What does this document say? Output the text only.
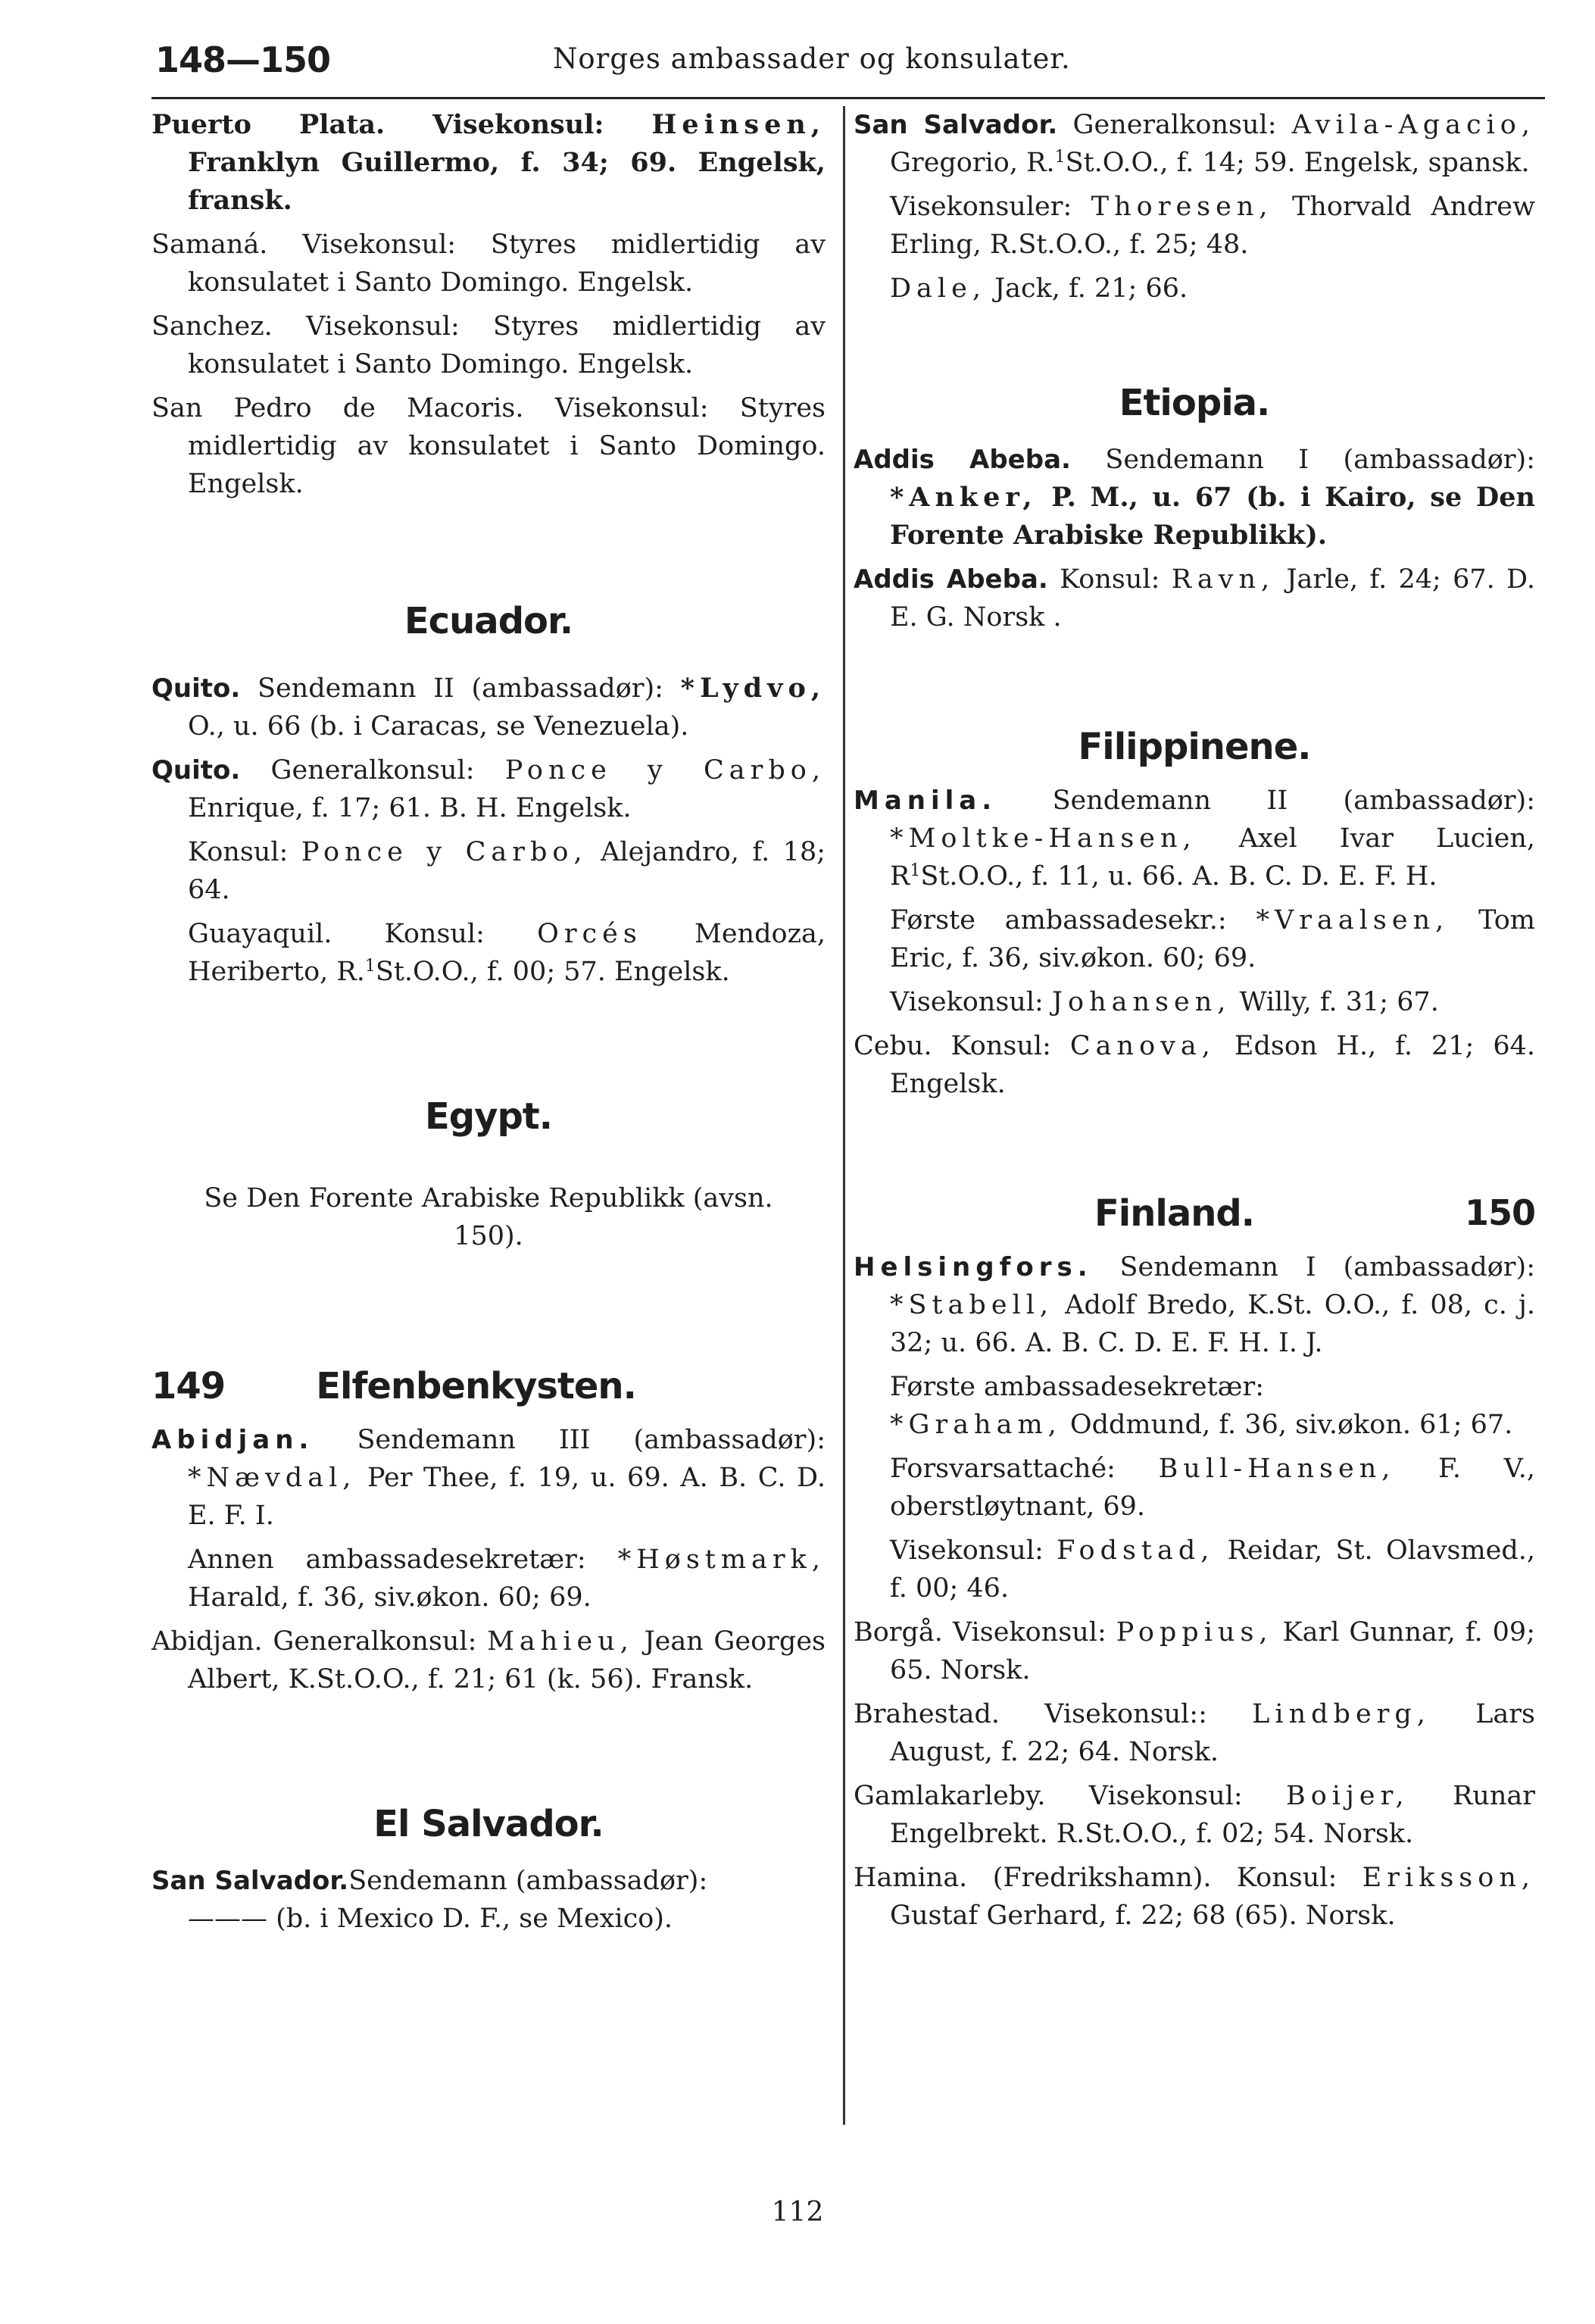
148—150	Norges ambassader og konsulater.

Puerto Plata. Visekonsul: Heinsen, Franklyn Guillermo, f. 34; 69. Engelsk, fransk.

Samaná. Visekonsul: Styres midlertidig av konsulatet i Santo Domingo. Engelsk.

Sanchez. Visekonsul: Styres midlertidig av konsulatet i Santo Domingo. Engelsk.

San Pedro de Macoris. Visekonsul: Styres midlertidig av konsulatet i Santo Domingo. Engelsk.

Ecuador.

Quito. Sendemann II (ambassadør): *Lydvo, O., u. 66 (b. i Caracas, se Venezuela).

Quito. Generalkonsul: Ponce y Carbo, Enrique, f. 17; 61. B. H. Engelsk.

Konsul: Ponce y Carbo, Alejandro, f. 18; 64.

Guayaquil. Konsul: Orcés Mendoza, Heriberto, R.$^1$St.O.O., f. 00; 57. Engelsk.

Egypt.

Se Den Forente Arabiske Republikk (avsn. 150).

149	Elfenbenkysten.

Abidjan. Sendemann III (ambassadør): *Nævdal, Per Thee, f. 19, u. 69. A. B. C. D. E. F. I.

Annen ambassadesekretær: *Høstmark, Harald, f. 36, siv.økon. 60; 69.

Abidjan. Generalkonsul: Mahieu, Jean Georges Albert, K.St.O.O., f. 21; 61 (k. 56). Fransk.

El Salvador.

San Salvador.Sendemann (ambassadør):
——— (b. i Mexico D. F., se Mexico).

San Salvador. Generalkonsul: Avila-Agacio, Gregorio, R.$^1$St.O.O., f. 14; 59. Engelsk, spansk.

Visekonsuler: Thoresen, Thorvald Andrew Erling, R.St.O.O., f. 25; 48.

Dale, Jack, f. 21; 66.

Etiopia.

Addis Abeba. Sendemann I (ambassadør): *Anker, P. M., u. 67 (b. i Kairo, se Den Forente Arabiske Republikk).

Addis Abeba. Konsul: Ravn, Jarle, f. 24; 67. D. E. G. Norsk .

Filippinene.

Manila. Sendemann II (ambassadør): *Moltke-Hansen, Axel Ivar Lucien, $R^1St.O.O$., f. 11, u. 66. A. B. C. D. E. F. H.

Første ambassadesekr.: *Vraalsen, Tom Eric, f. 36, siv.økon. 60; 69.

Visekonsul: Johansen, Willy, f. 31; 67.

Cebu. Konsul: Canova, Edson H., f. 21; 64. Engelsk.

Finland.	150

Helsingfors. Sendemann I (ambassadør): *Stabell, Adolf Bredo, K.St. O.O., f. 08, c. j. 32; u. 66. A. B. C. D. E. F. H. I. J.

Første ambassadesekretær:
*Graham, Oddmund, f. 36, siv.økon. 61; 67.

Forsvarsattaché: Bull-Hansen, F. V., oberstløytnant, 69.

Visekonsul: Fodstad, Reidar, St. Olavsmed., f. 00; 46.

Borgå. Visekonsul: Poppius, Karl Gunnar, f. 09; 65. Norsk.

Brahestad. Visekonsul:: Lindberg, Lars August, f. 22; 64. Norsk.

Gamlakarleby. Visekonsul: Boijer, Runar Engelbrekt. R.St.O.O., f. 02; 54. Norsk.

Hamina. (Fredrikshamn). Konsul: Eriksson, Gustaf Gerhard, f. 22; 68 (65). Norsk.

112
